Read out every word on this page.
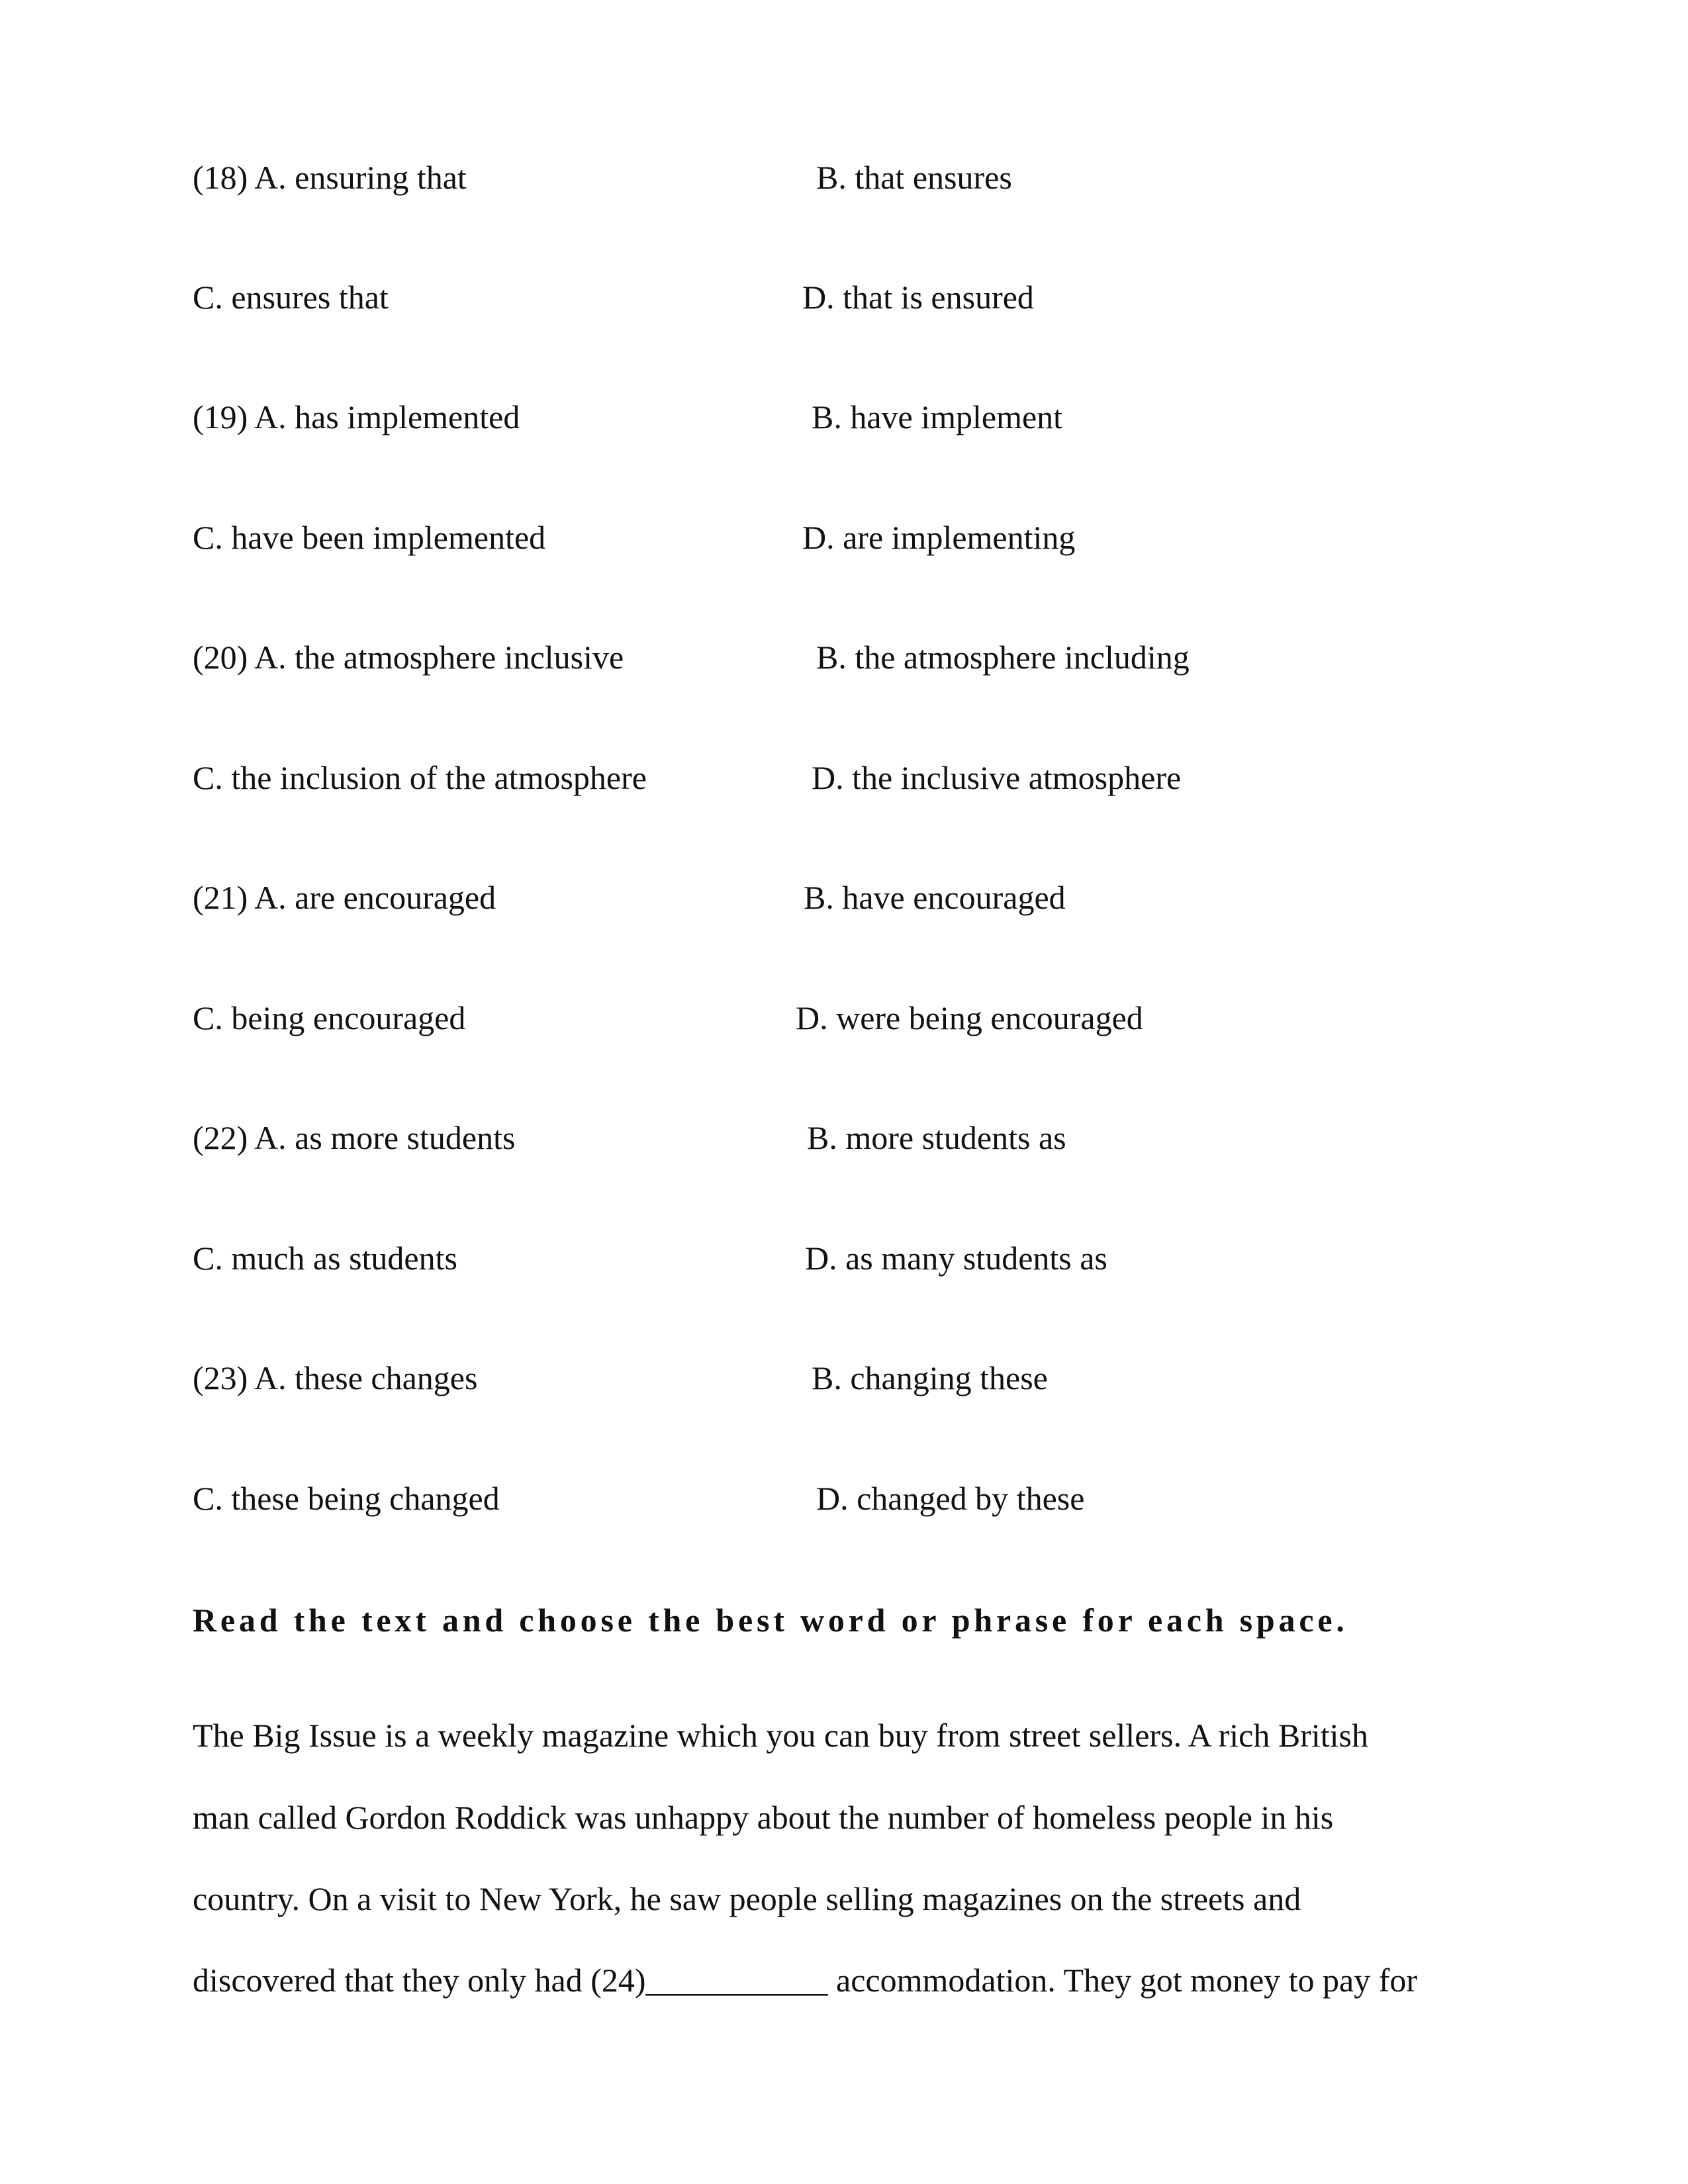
(18) A. ensuring that	B. that ensures
C. ensures that	D. that is ensured
(19) A. has implemented	B. have implement
C. have been implemented	D. are implementing
(20) A. the atmosphere inclusive	B. the atmosphere including
C. the inclusion of the atmosphere	D. the inclusive atmosphere
(21) A. are encouraged	B. have encouraged
C. being encouraged	D. were being encouraged
(22) A. as more students	B. more students as
C. much as students	D. as many students as
(23) A. these changes	B. changing these
C. these being changed	D. changed by these
Read the text and choose the best word or phrase for each space.
The Big Issue is a weekly magazine which you can buy from street sellers. A rich British
man called Gordon Roddick was unhappy about the number of homeless people in his
country. On a visit to New York, he saw people selling magazines on the streets and
discovered that they only had (24)___________ accommodation. They got money to pay for
